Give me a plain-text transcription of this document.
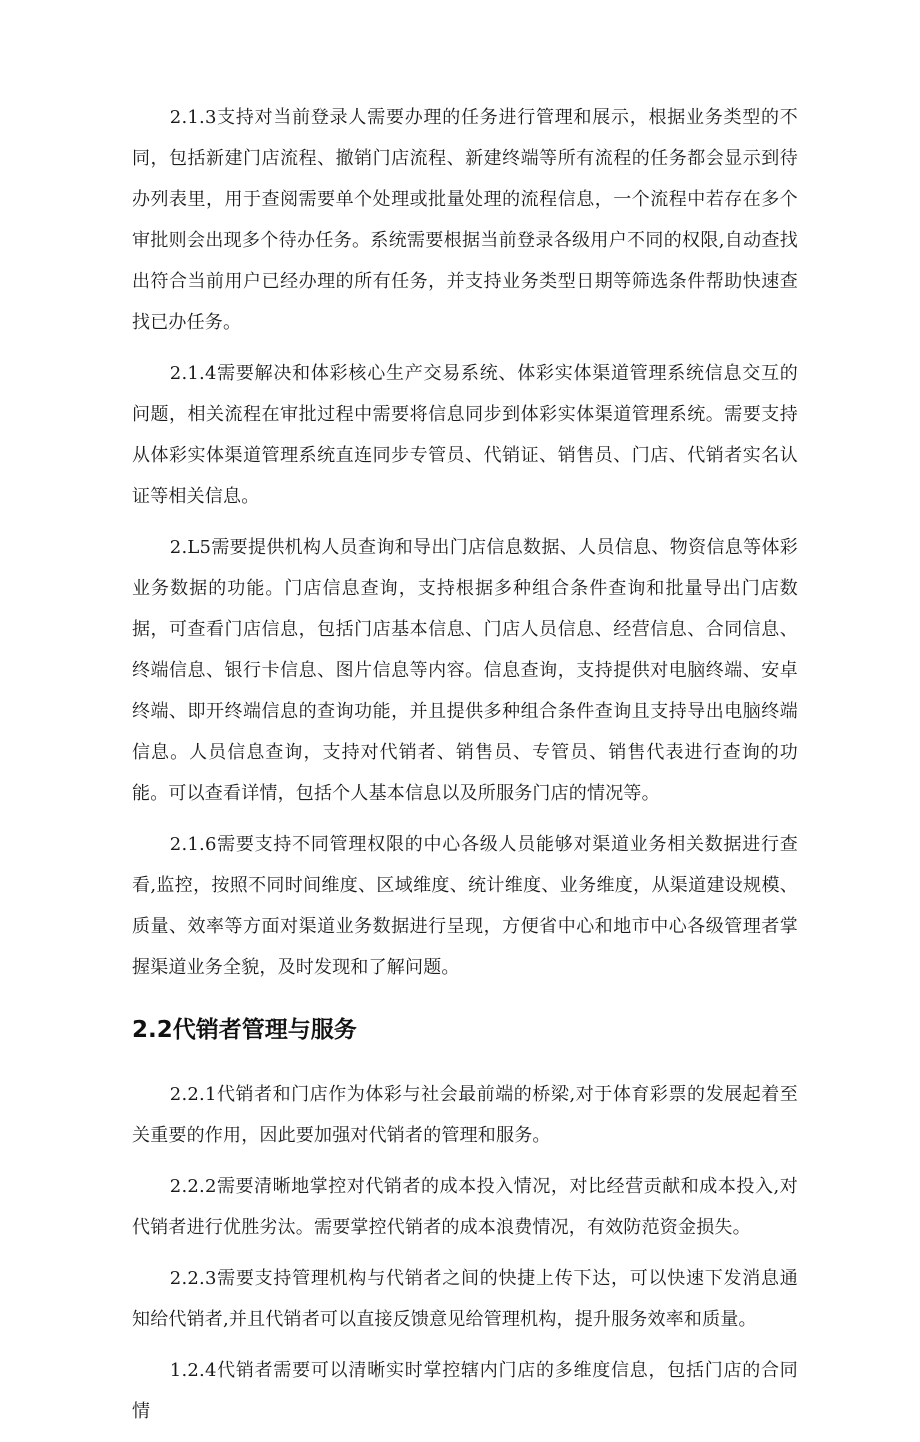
2.1.3支持对当前登录人需要办理的任务进行管理和展示，根据业务类型的不同，包括新建门店流程、撤销门店流程、新建终端等所有流程的任务都会显示到待办列表里，用于查阅需要单个处理或批量处理的流程信息，一个流程中若存在多个审批则会出现多个待办任务。系统需要根据当前登录各级用户不同的权限,自动查找出符合当前用户已经办理的所有任务，并支持业务类型日期等筛选条件帮助快速查找已办任务。

2.1.4需要解决和体彩核心生产交易系统、体彩实体渠道管理系统信息交互的问题，相关流程在审批过程中需要将信息同步到体彩实体渠道管理系统。需要支持从体彩实体渠道管理系统直连同步专管员、代销证、销售员、门店、代销者实名认证等相关信息。

2.L5需要提供机构人员查询和导出门店信息数据、人员信息、物资信息等体彩业务数据的功能。门店信息查询，支持根据多种组合条件查询和批量导出门店数据，可查看门店信息，包括门店基本信息、门店人员信息、经营信息、合同信息、终端信息、银行卡信息、图片信息等内容。信息查询，支持提供对电脑终端、安卓终端、即开终端信息的查询功能，并且提供多种组合条件查询且支持导出电脑终端信息。人员信息查询，支持对代销者、销售员、专管员、销售代表进行查询的功能。可以查看详情，包括个人基本信息以及所服务门店的情况等。

2.1.6需要支持不同管理权限的中心各级人员能够对渠道业务相关数据进行查看,监控，按照不同时间维度、区域维度、统计维度、业务维度，从渠道建设规模、质量、效率等方面对渠道业务数据进行呈现，方便省中心和地市中心各级管理者掌握渠道业务全貌，及时发现和了解问题。

2.2代销者管理与服务

2.2.1代销者和门店作为体彩与社会最前端的桥梁,对于体育彩票的发展起着至关重要的作用，因此要加强对代销者的管理和服务。

2.2.2需要清晰地掌控对代销者的成本投入情况，对比经营贡献和成本投入,对代销者进行优胜劣汰。需要掌控代销者的成本浪费情况，有效防范资金损失。

2.2.3需要支持管理机构与代销者之间的快捷上传下达，可以快速下发消息通知给代销者,并且代销者可以直接反馈意见给管理机构，提升服务效率和质量。

1.2.4代销者需要可以清晰实时掌控辖内门店的多维度信息，包括门店的合同情
